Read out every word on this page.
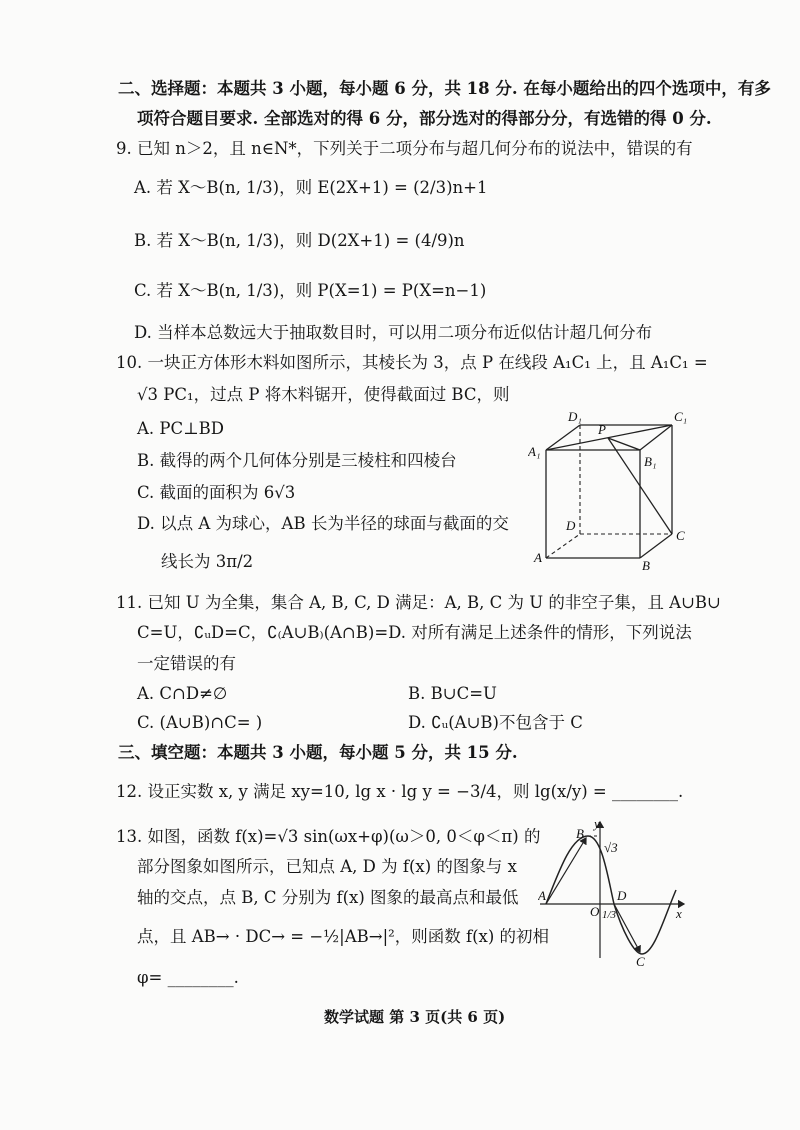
二、选择题：本题共 3 小题，每小题 6 分，共 18 分. 在每小题给出的四个选项中，有多
项符合题目要求. 全部选对的得 6 分，部分选对的得部分分，有选错的得 0 分.
9. 已知 n＞2，且 n∈N*，下列关于二项分布与超几何分布的说法中，错误的有
A. 若 X～B(n, 1/3)，则 E(2X+1) = (2/3)n+1
B. 若 X～B(n, 1/3)，则 D(2X+1) = (4/9)n
C. 若 X～B(n, 1/3)，则 P(X=1) = P(X=n−1)
D. 当样本总数远大于抽取数目时，可以用二项分布近似估计超几何分布
10. 一块正方体形木料如图所示，其棱长为 3，点 P 在线段 A₁C₁ 上，且 A₁C₁ =
√3 PC₁，过点 P 将木料锯开，使得截面过 BC，则
A. PC⊥BD
B. 截得的两个几何体分别是三棱柱和四棱台
C. 截面的面积为 6√3
D. 以点 A 为球心，AB 长为半径的球面与截面的交
线长为 3π/2
D₁	C₁
P
A₁
B₁
D
C
A
B
11. 已知 U 为全集，集合 A, B, C, D 满足：A, B, C 为 U 的非空子集，且 A∪B∪
C=U，∁ᵤD=C，∁₍A∪B₎(A∩B)=D. 对所有满足上述条件的情形，下列说法
一定错误的有
A. C∩D≠∅	B. B∪C=U
C. (A∪B)∩C= )	D. ∁ᵤ(A∪B)不包含于 C
三、填空题：本题共 3 小题，每小题 5 分，共 15 分.
12. 设正实数 x, y 满足 xy=10, lg x · lg y = −3/4，则 lg(x/y) = ________.
13. 如图，函数 f(x)=√3 sin(ωx+φ)(ω＞0, 0＜φ＜π) 的
部分图象如图所示，已知点 A, D 为 f(x) 的图象与 x
轴的交点，点 B, C 分别为 f(x) 图象的最高点和最低
点，且 AB→ · DC→ = −½|AB→|²，则函数 f(x) 的初相
φ= ________.
B
y
√3
A	D
O 1/3	x
C
数学试题 第 3 页(共 6 页)
